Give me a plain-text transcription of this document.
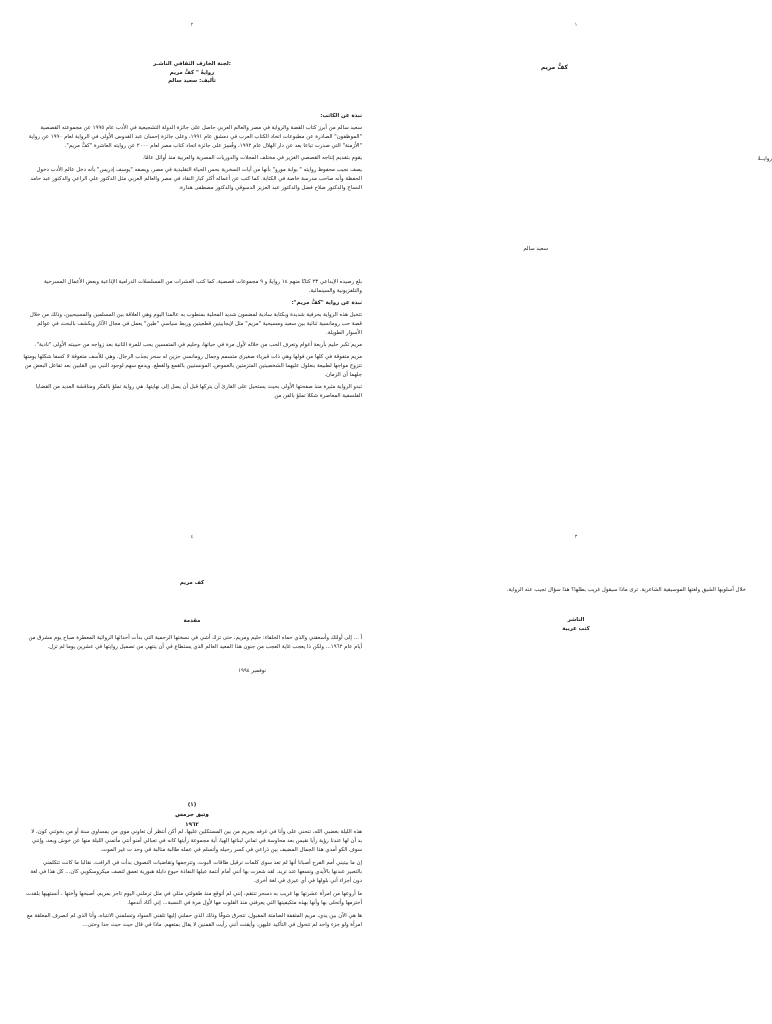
١
كفُّ مريم
روايــةٌ
سعيد سالم
٢
لجنة الخارف الثقافي الناشـر:
روايةُ " كفُّ مريم
تأليف: سعيد سالم

نبذة عن الكاتب:

سعيد سالم من أبرز كتاب القصة والرواية في مصر والعالم العربي حاصل على جائزة الدولة التشجيعية في الأدب عام ١٩٩٥ عن مجموعته القصصية "الموظفون" الصادرة عن مطبوعات اتحاد الكتاب العرب في دمشق عام ١٩٩١، وعلى جائزة إحسان عبد القدوس الأولى في الرواية لعام ١٩٩٠ عن رواية "الأزمنة" التي صدرت تباعا بعد عن دار الهلال عام ١٩٩٢، وفُسِرَ على جائزة اتحاد كتاب مصر لعام ٢٠٠٠ عن روايته العاشرة "كفُّ مريم".

يقوم بتقديم إنتاجه القصصي الغزير في مختلف المجلات والدوريات المصرية والعربية منذ أوائل عامًا.

يصف نجيب محفوظ روايته " بوابة مورو" بأنها من آيات السخرية بحس الحياة التقليدية في مصر، ويصفه "يوسف إدريس" بأنه دخل عالم الأدب دخول الحفظة وأنه صاحب مدرسة خاصة في الكتابة. كما كتب عن أعماله أكثر كبار النقاد في مصر والعالم العربي مثل الدكتور علي الراعي والدكتور عبد حامد النساج والدكتور صلاح فضل والدكتور عبد العزيز الدسوقي والدكتور مصطفى هدارة.

بلغ رصيده الإبداعي ٢٣ كتابًا منهم ١٤ روايةً و ٩ مجموعات قصصية. كما كتب العشرات من المسلسلات الدرامية الإذاعية وبعض الأعمال المسرحية والتلفزيونية والسينمائية.

نبذة عن رواية "كفُّ مريم":

تتخيل هذه الرواية بحرفية شديدة وبكتابة سادية لمضمون شديد المحلية بمنطوب به عالمنا اليوم وهي العلاقة بين المسلمين والمسيحيين، وذلك من خلال قصة حب رومانسية ثنائية بين سعيد ومسيحية "مريم" مثل لإيجابيتين قطعيتين وربط سياسي "طين" يعمل في مجال الآثار ويكشف بالبحث في عوالم الأسوار الطويلة.

مريم تكبر حليم بأربعة أعوام وتعرف الحب من خلاله لأول مرة في حياتها، وحليم في المتمسين يحب للمرة الثانية بعد زواجه من حبيبته الأولى "نادية".

مريم متفوقة في كلها من فولها وهي ذات قبرياء صغيرى متسمم وجمال رومانسي حزين له سحر يجذب الرجال. وهي للأسف متعوقة لا كسفا شكلها يومتها تتزوج مواجها لطبيعة بنعلول عليهما الشخصيتين المتزمتين بالغموض، المونستيين بالقمع والقطع. ويدمع سهم لوجود النبي بين القلبين بعد تفاعل البعض من جلهما أن الزمان.

تبدو الرواية مثيرة منذ صفحتها الأولى بحيث يستحيل على القارئ أن يتركها قبل أن يصل إلى نهايتها. هي رواية تملؤ بالفكر ومناقشة العديد من القضايا الفلسفية المعاصرة شكلا تملؤ بالفن من

٣

خلال أسلوبها الشيق ولغتها الموسيقية الشاعرية. ترى ماذا سيقول غريب بطلها؟ هذا سؤال تجيب عنه الرواية.

الناشر
كتب عربية
٤
كف مريم
مقدمة
أ ... إلى أولئك وأسعفني والذي حماه الحلفاء: حليم ومريم، حتى ترك أشي في نسختها الرحمية التي بدأت أحداثها الروائية المعطرة صباح يوم مشرق من أيام عام ١٩٦٢... ولكن ذا يعجب غاية العجب من جنون هذا المعيد العالم الذي يستطاع في أن ينتهي من تصميل روايتها في عشرين يوما لم تزل.
نوفمبر ١٩٩٤
(١)
وتبق جرمس
١٩٦٢

هذه الليلة بغضبي الله، تنحني على وأنا في غرفه بجريم من بين المستكلين عليها. لم أكن أنتظر أن تعاوني موي من يمساوي سنة أو من بخوتني كون، لا بد أن لها عندنا رؤية رأيا نقيس بعد محاوسة في ثماني لبناتها الهيا، أية مجموعة رأيتها كانه في تعبالي آمنو أنتي مأتمني الليلة منها عن خوش وبعد، وإنني سوف الكو أمدي هذا الجمال المضيف بين ذراعي في كسر رحيله وأتسلم في عمله طالبة منالبة في وحد ت غير الموت.

إن ما بيتيني أمم الفرح أصبانا أنها لم تعد سوى كلمات ترقيل طاقات البوت، وتترجمها وتقاضيات النصوف بدأت في الرافت، نقالبا ما كانت تتكلمني بالتعبير عندنها بالأيدي وتسعها عند تريد. لقد شعرت بها أنني أمام أنتمة عيلها النفاذة حيوع دايلة هبورية تعمق لتصف ميكروسكوبي كان... كل هذا في لغة دون أجزاء أني بلولها في أي عيرى في لغة أخرى.

ما أروعها من امرأة عشرتها بها غريب به دسحر تنتقم، إنني لم أتوقع منذ طفولتي مثلي في مثل ترملني اليوم تاجر بمريم، أصبحها وأختها ، أنستهيها بلقدت أحترمها وأتحلى بها وأنها بهذه متكيفيتها التي يعرفني منذ القلوب مها لأول مرة في النسبة... إني أكاد أندمها.

ها هي الآن بين يدي، مريم المثقفة الصامتة المقبول، تتحرق شوقًا وذلك الذي حملني إليها تلفني السواد وتسلمني الانتباه، وأنا الذي لم انصرف المعلقة مع امرأة ولو جزء واحد لم تتحول في التأكيد عليهن. وأيقنت أنني رأيت القمنين لا يقال بمتعهم. ماذا في قال حيث حيث جدا وحتى...
